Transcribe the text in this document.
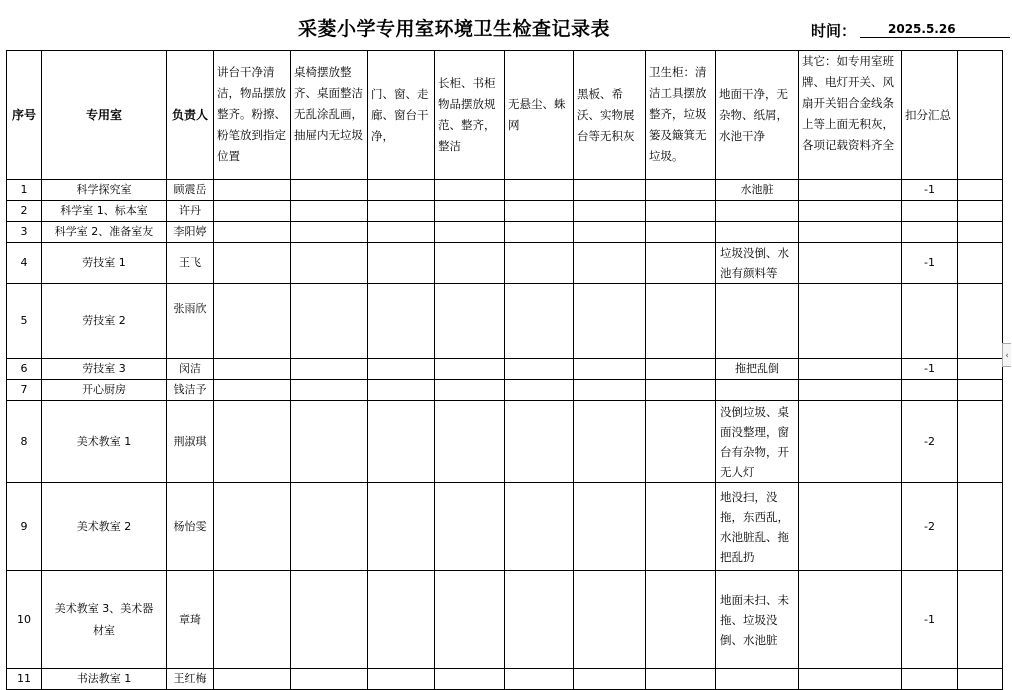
采菱小学专用室环境卫生检查记录表	时间：	2025.5.26
序号	专用室	负责人	讲台干净清洁，物品摆放整齐。粉擦、粉笔放到指定位置	桌椅摆放整齐、桌面整洁无乱涂乱画，抽屉内无垃圾	门、窗、走廊、窗台干净，	长柜、书柜物品摆放规范、整齐，整洁	无悬尘、蛛网	黑板、希沃、实物展台等无积灰	卫生柜：清洁工具摆放整齐，垃圾篓及簸箕无垃圾。	地面干净，无杂物、纸屑，水池干净	其它：如专用室班牌、电灯开关、风扇开关铝合金线条上等上面无积灰，各项记载资料齐全	扣分汇总	
1	科学探究室	顾震岳								水池脏		-1	
2	科学室 1、标本室	许丹											
3	科学室 2、准备室友	李阳婷											
4	劳技室 1	王飞								垃圾没倒、水池有颜料等		-1	
5	劳技室 2	张雨欣											
6	劳技室 3	闵洁								拖把乱倒		-1	
7	开心厨房	钱洁予											
8	美术教室 1	荆淑琪								没倒垃圾、桌面没整理，窗台有杂物，开无人灯		-2	
9	美术教室 2	杨怡雯								地没扫，没拖，东西乱，水池脏乱、拖把乱扔		-2	
10	美术教室 3、美术器材室	章琦								地面未扫、未拖、垃圾没倒、水池脏		-1	
11	书法教室 1	王红梅											
‹
